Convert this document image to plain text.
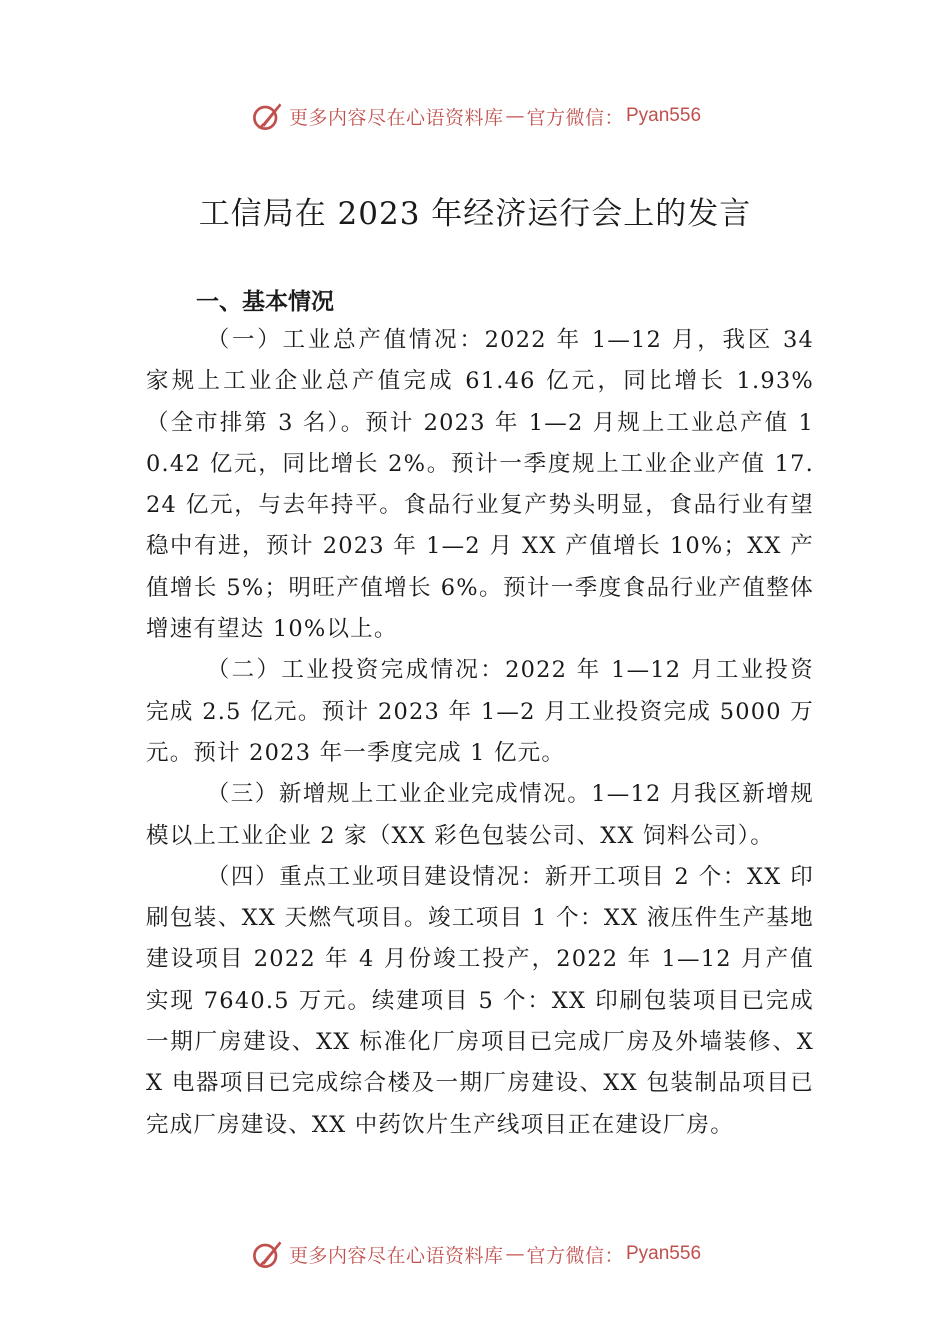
更多内容尽在心语资料库 — 官方微信： Pyan556
工信局在 2023 年经济运行会上的发言
一、基本情况

（一）工业总产值情况：2022 年 1—12 月，我区 34 家规上工业企业总产值完成 61.46 亿元，同比增长 1.93%（全市排第 3 名）。预计 2023 年 1—2 月规上工业总产值 10.42 亿元，同比增长 2%。预计一季度规上工业企业产值 17.24 亿元，与去年持平。食品行业复产势头明显，食品行业有望稳中有进，预计 2023 年 1—2 月 XX 产值增长 10%；XX 产值增长 5%；明旺产值增长 6%。预计一季度食品行业产值整体增速有望达 10%以上。

（二）工业投资完成情况：2022 年 1—12 月工业投资完成 2.5 亿元。预计 2023 年 1—2 月工业投资完成 5000 万元。预计 2023 年一季度完成 1 亿元。

（三）新增规上工业企业完成情况。1—12 月我区新增规模以上工业企业 2 家（XX 彩色包装公司、XX 饲料公司）。

（四）重点工业项目建设情况：新开工项目 2 个：XX 印刷包装、XX 天燃气项目。竣工项目 1 个：XX 液压件生产基地建设项目 2022 年 4 月份竣工投产，2022 年 1—12 月产值实现 7640.5 万元。续建项目 5 个：XX 印刷包装项目已完成一期厂房建设、XX 标准化厂房项目已完成厂房及外墙装修、XX 电器项目已完成综合楼及一期厂房建设、XX 包装制品项目已完成厂房建设、XX 中药饮片生产线项目正在建设厂房。

更多内容尽在心语资料库 — 官方微信： Pyan556
